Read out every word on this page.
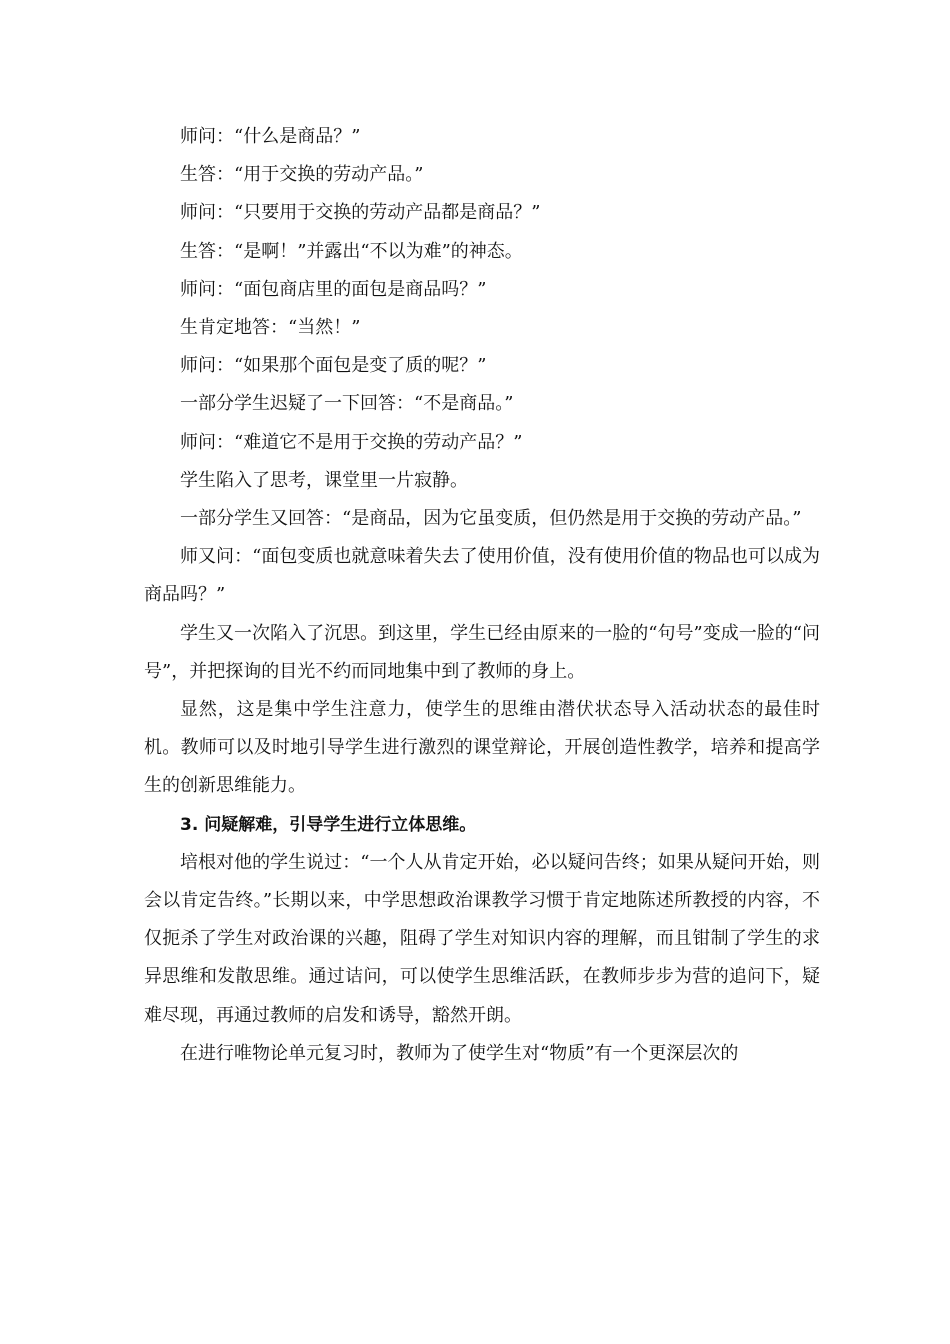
师问：“什么是商品？”

生答：“用于交换的劳动产品。”

师问：“只要用于交换的劳动产品都是商品？”

生答：“是啊！”并露出“不以为难”的神态。

师问：“面包商店里的面包是商品吗？”

生肯定地答：“当然！”

师问：“如果那个面包是变了质的呢？”

一部分学生迟疑了一下回答：“不是商品。”

师问：“难道它不是用于交换的劳动产品？”

学生陷入了思考，课堂里一片寂静。

一部分学生又回答：“是商品，因为它虽变质，但仍然是用于交换的劳动产品。”

师又问：“面包变质也就意味着失去了使用价值，没有使用价值的物品也可以成为商品吗？”

学生又一次陷入了沉思。到这里，学生已经由原来的一脸的“句号”变成一脸的“问号”，并把探询的目光不约而同地集中到了教师的身上。

显然，这是集中学生注意力，使学生的思维由潜伏状态导入活动状态的最佳时机。教师可以及时地引导学生进行激烈的课堂辩论，开展创造性教学，培养和提高学生的创新思维能力。

3. 问疑解难，引导学生进行立体思维。

培根对他的学生说过：“一个人从肯定开始，必以疑问告终；如果从疑问开始，则会以肯定告终。”长期以来，中学思想政治课教学习惯于肯定地陈述所教授的内容，不仅扼杀了学生对政治课的兴趣，阻碍了学生对知识内容的理解，而且钳制了学生的求异思维和发散思维。通过诘问，可以使学生思维活跃，在教师步步为营的追问下，疑难尽现，再通过教师的启发和诱导，豁然开朗。

在进行唯物论单元复习时，教师为了使学生对“物质”有一个更深层次的
